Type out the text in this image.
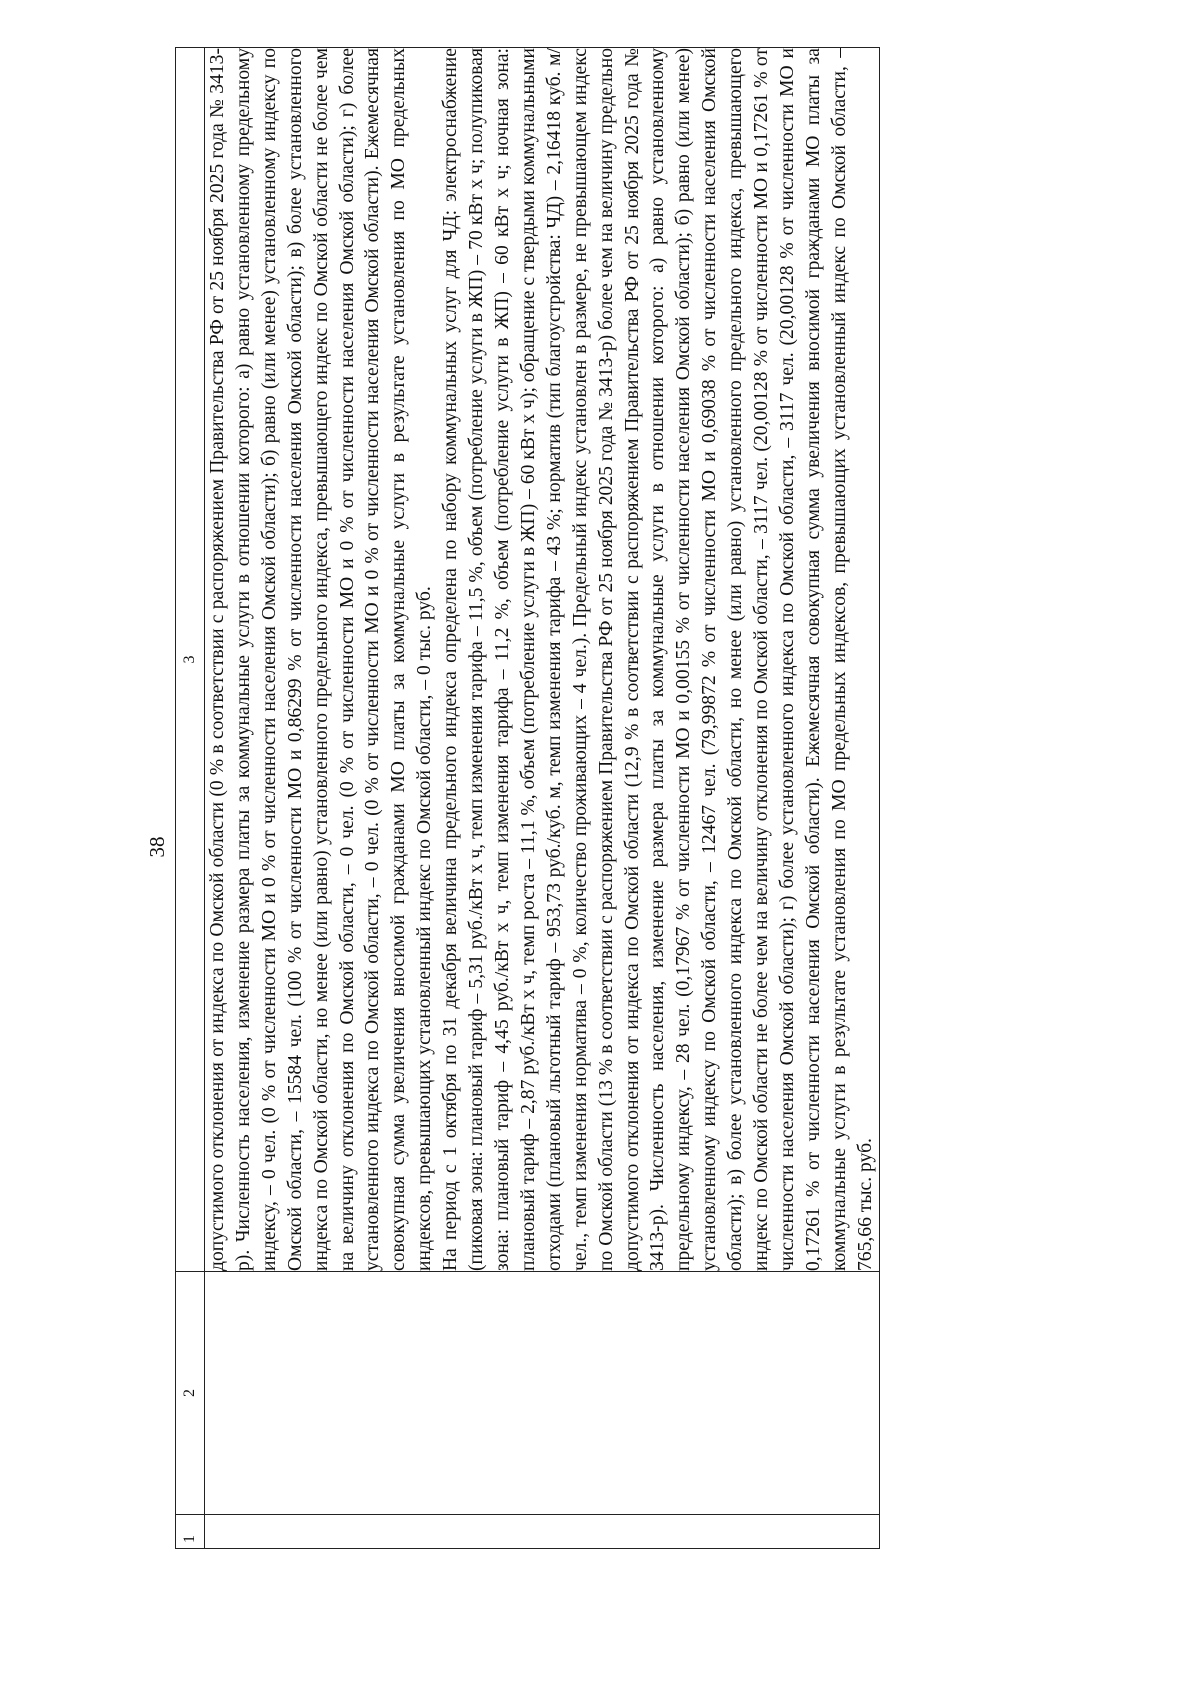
38
1	2	3

		допустимого отклонения от индекса по Омской области (0 % в соответствии с распоряжением Правительства РФ от 25 ноября 2025 года № 3413-р). Численность населения, изменение размера платы за коммунальные услуги в отношении которого: а) равно установленному предельному индексу, – 0 чел. (0 % от численности МО и 0 % от численности населения Омской области); б) равно (или менее) установленному индексу по Омской области, – 15584 чел. (100 % от численности МО и 0,86299 % от численности населения Омской области); в) более установленного индекса по Омской области, но менее (или равно) установленного предельного индекса, превышающего индекс по Омской области не более чем на величину отклонения по Омской области, – 0 чел. (0 % от численности МО и 0 % от численности населения Омской области); г) более установленного индекса по Омской области, – 0 чел. (0 % от численности МО и 0 % от численности населения Омской области). Ежемесячная совокупная сумма увеличения вносимой гражданами МО платы за коммунальные услуги в результате установления по МО предельных индексов, превышающих установленный индекс по Омской области, – 0 тыс. руб. На период с 1 октября по 31 декабря величина предельного индекса определена по набору коммунальных услуг для ЧД: электроснабжение (пиковая зона: плановый тариф – 5,31 руб./кВт х ч, темп изменения тарифа – 11,5 %, объем (потребление услуги в ЖП) – 70 кВт х ч; полупиковая зона: плановый тариф – 4,45 руб./кВт х ч, темп изменения тарифа – 11,2 %, объем (потребление услуги в ЖП) – 60 кВт х ч; ночная зона: плановый тариф – 2,87 руб./кВт х ч, темп роста – 11,1 %, объем (потребление услуги в ЖП) – 60 кВт х ч); обращение с твердыми коммунальными отходами (плановый льготный тариф – 953,73 руб./куб. м, темп изменения тарифа – 43 %; норматив (тип благоустройства: ЧД) – 2,16418 куб. м/чел., темп изменения норматива – 0 %, количество проживающих – 4 чел.). Предельный индекс установлен в размере, не превышающем индекс по Омской области (13 % в соответствии с распоряжением Правительства РФ от 25 ноября 2025 года № 3413-р) более чем на величину предельно допустимого отклонения от индекса по Омской области (12,9 % в соответствии с распоряжением Правительства РФ от 25 ноября 2025 года № 3413-р). Численность населения, изменение размера платы за коммунальные услуги в отношении которого: а) равно установленному предельному индексу, – 28 чел. (0,17967 % от численности МО и 0,00155 % от численности населения Омской области); б) равно (или менее) установленному индексу по Омской области, – 12467 чел. (79,99872 % от численности МО и 0,69038 % от численности населения Омской области); в) более установленного индекса по Омской области, но менее (или равно) установленного предельного индекса, превышающего индекс по Омской области не более чем на величину отклонения по Омской области, – 3117 чел. (20,00128 % от численности МО и 0,17261 % от численности населения Омской области); г) более установленного индекса по Омской области, – 3117 чел. (20,00128 % от численности МО и 0,17261 % от численности населения Омской области). Ежемесячная совокупная сумма увеличения вносимой гражданами МО платы за коммунальные услуги в результате установления по МО предельных индексов, превышающих установленный индекс по Омской области, – 765,66 тыс. руб.
